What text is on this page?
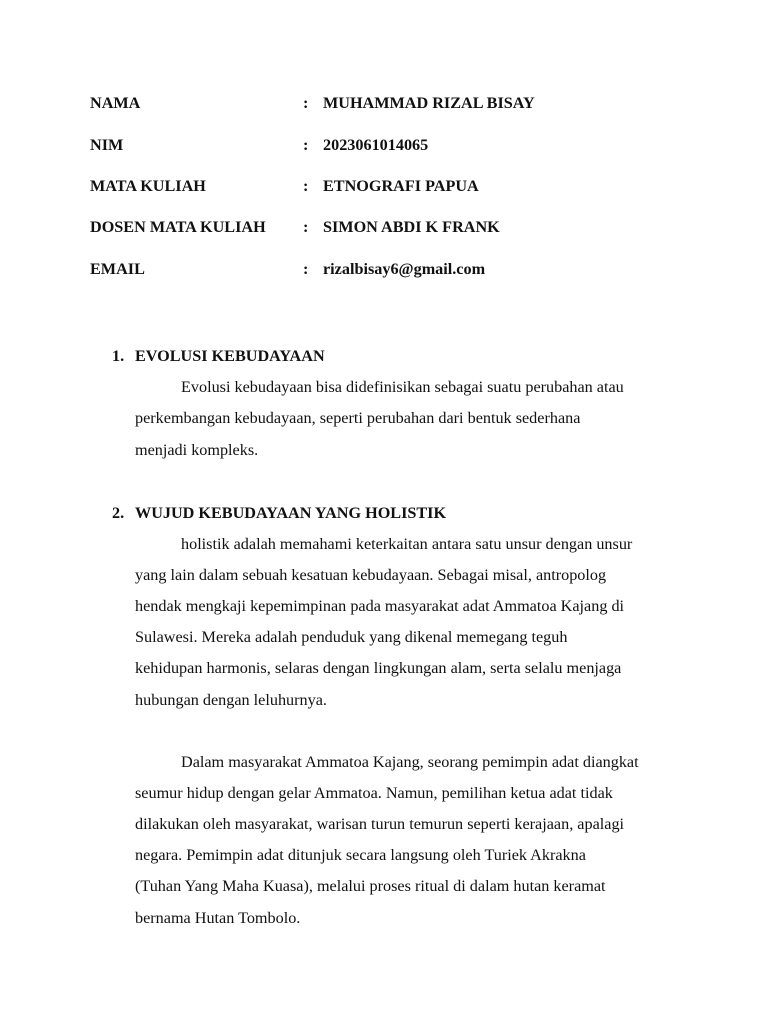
NAMA	: MUHAMMAD RIZAL BISAY
NIM	: 2023061014065
MATA KULIAH	: ETNOGRAFI PAPUA
DOSEN MATA KULIAH : SIMON ABDI K FRANK
EMAIL	: rizalbisay6@gmail.com
1. EVOLUSI KEBUDAYAAN
Evolusi kebudayaan bisa didefinisikan sebagai suatu perubahan atau
perkembangan kebudayaan, seperti perubahan dari bentuk sederhana
menjadi kompleks.
2. WUJUD KEBUDAYAAN YANG HOLISTIK
holistik adalah memahami keterkaitan antara satu unsur dengan unsur
yang lain dalam sebuah kesatuan kebudayaan. Sebagai misal, antropolog
hendak mengkaji kepemimpinan pada masyarakat adat Ammatoa Kajang di
Sulawesi. Mereka adalah penduduk yang dikenal memegang teguh
kehidupan harmonis, selaras dengan lingkungan alam, serta selalu menjaga
hubungan dengan leluhurnya.
Dalam masyarakat Ammatoa Kajang, seorang pemimpin adat diangkat
seumur hidup dengan gelar Ammatoa. Namun, pemilihan ketua adat tidak
dilakukan oleh masyarakat, warisan turun temurun seperti kerajaan, apalagi
negara. Pemimpin adat ditunjuk secara langsung oleh Turiek Akrakna
(Tuhan Yang Maha Kuasa), melalui proses ritual di dalam hutan keramat
bernama Hutan Tombolo.
